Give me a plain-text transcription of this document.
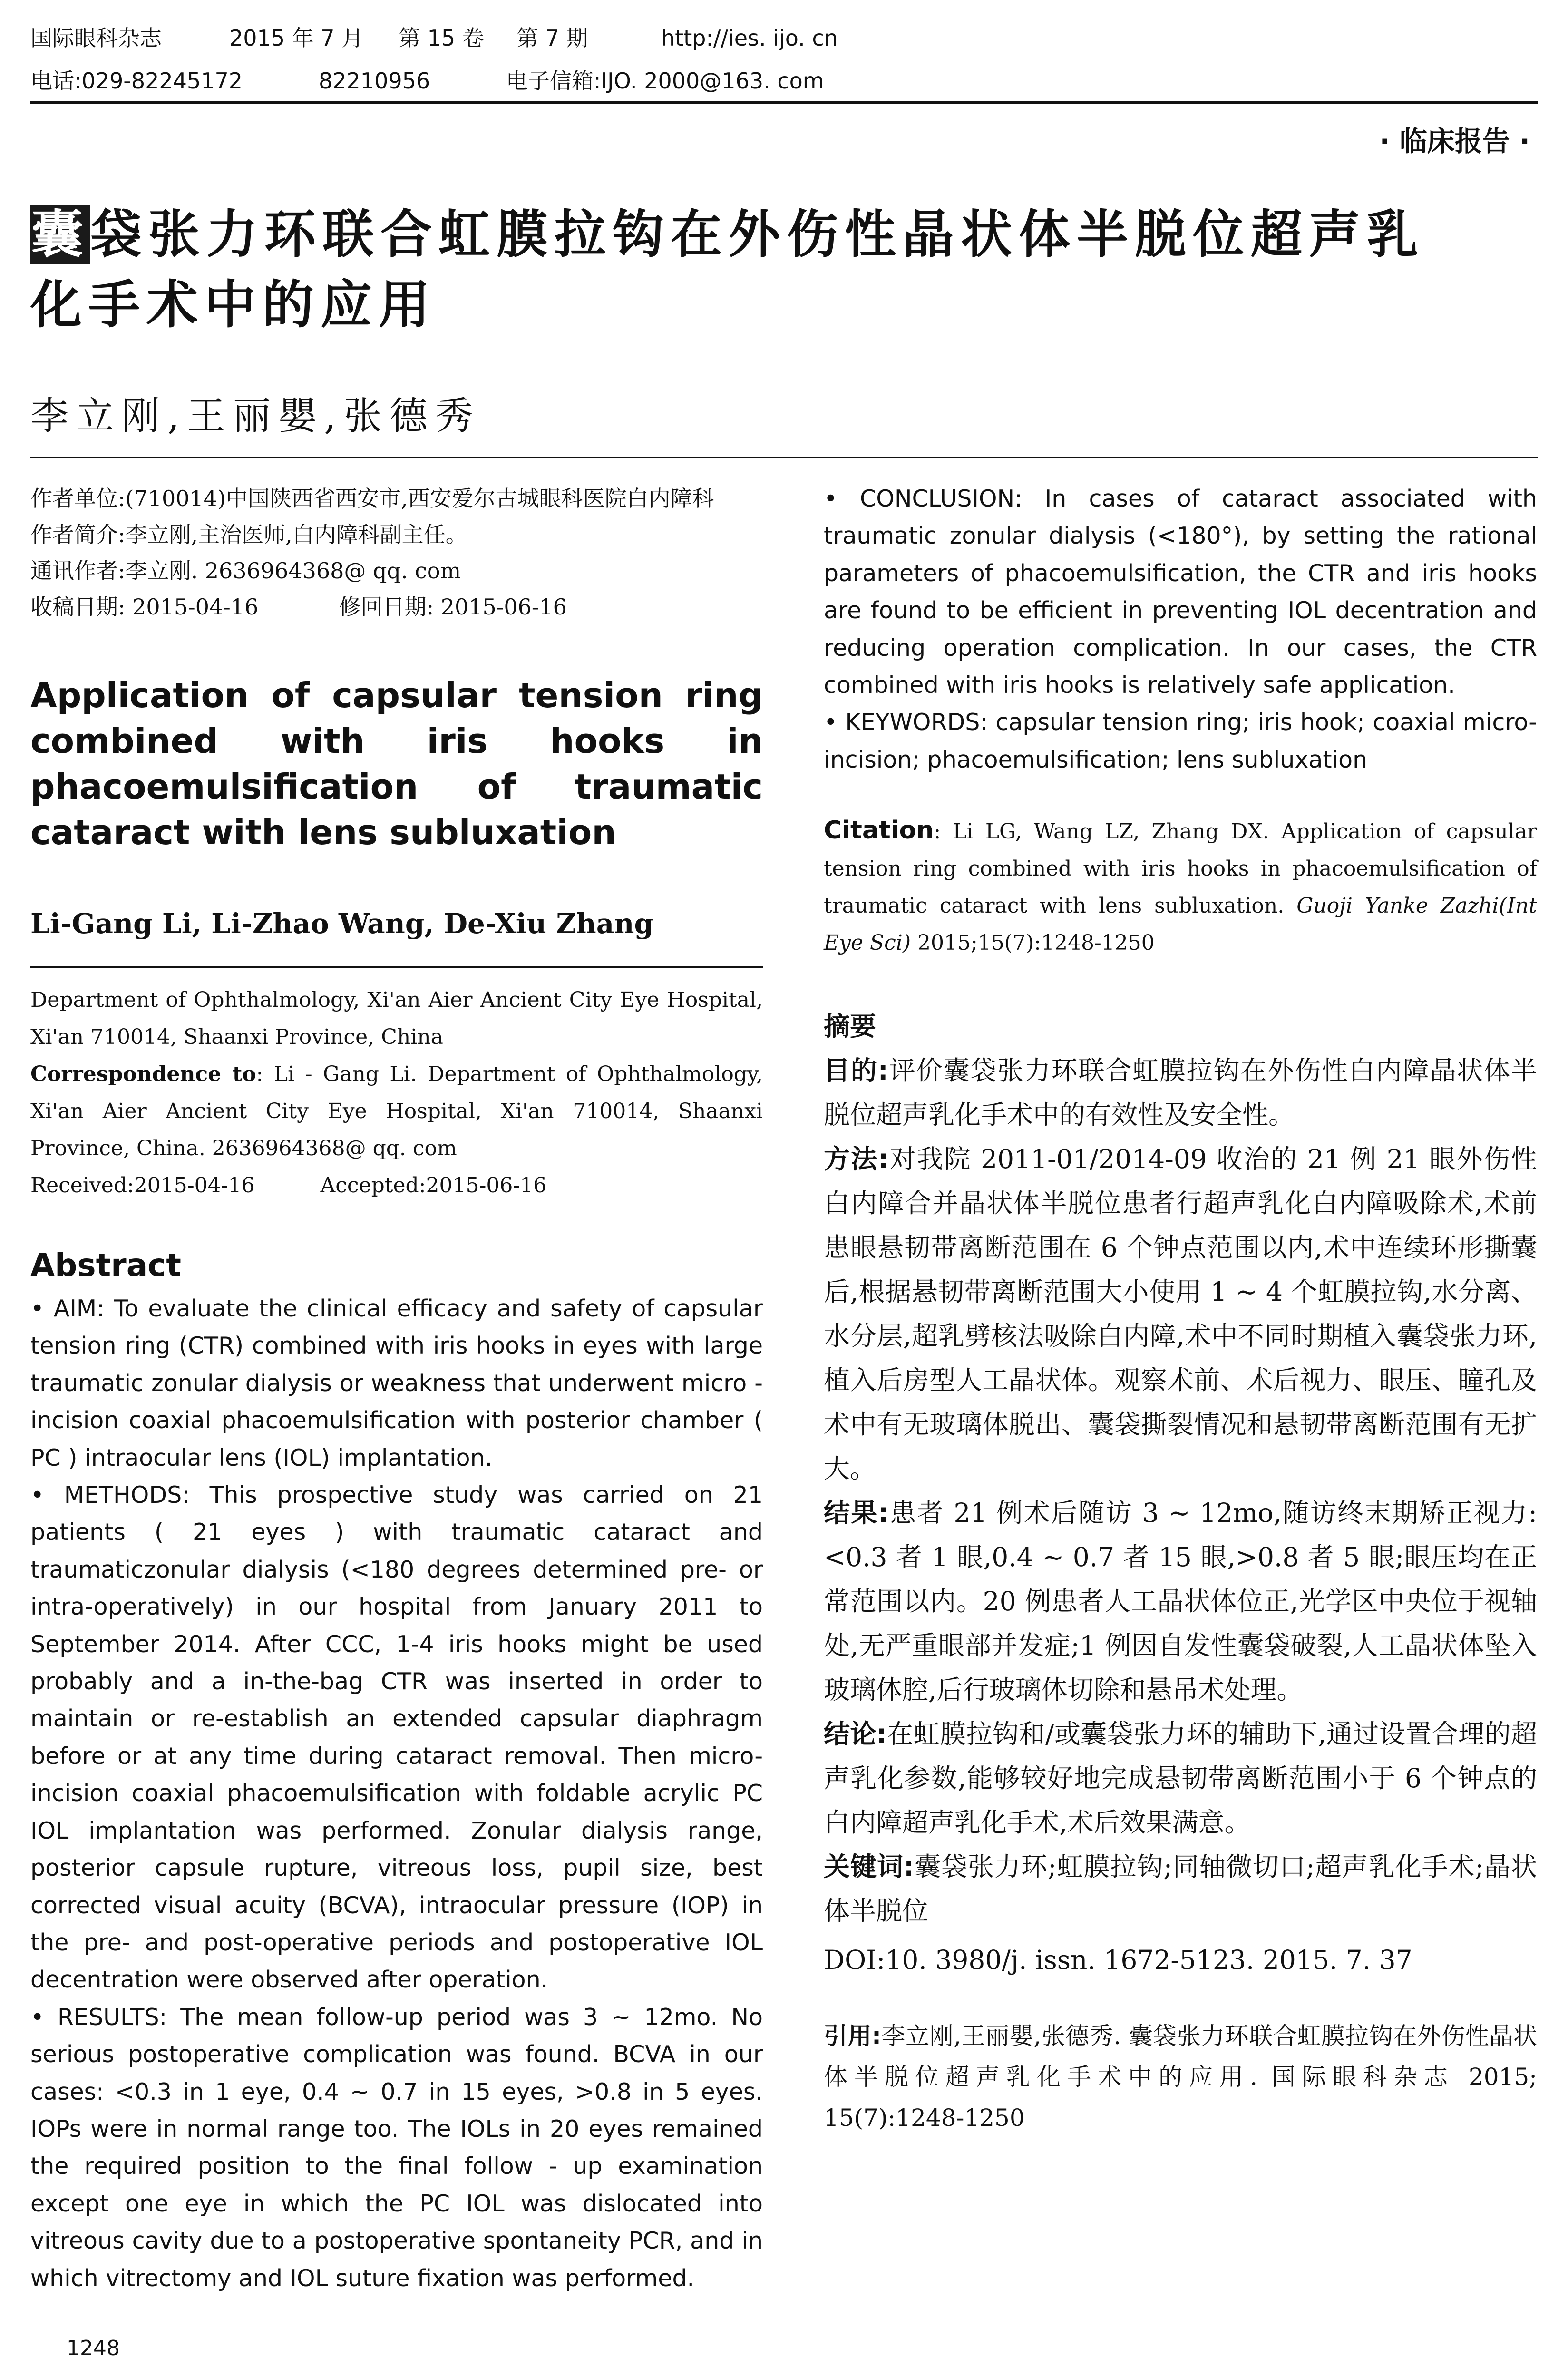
国际眼科杂志	2015 年 7 月 第 15 卷 第 7 期	http://ies. ijo. cn
电话:029-82245172	82210956	电子信箱:IJO. 2000@163. com
· 临床报告 ·
囊袋张力环联合虹膜拉钩在外伤性晶状体半脱位超声乳
化手术中的应用
李立刚,王丽嬰,张德秀
作者单位:(710014)中国陕西省西安市,西安爱尔古城眼科医院白内障科
作者简介:李立刚,主治医师,白内障科副主任。
通讯作者:李立刚. 2636964368@ qq. com
收稿日期: 2015-04-16	修回日期: 2015-06-16
Application of capsular tension ring combined with iris hooks in phacoemulsification of traumatic cataract with lens subluxation
Li-Gang Li, Li-Zhao Wang, De-Xiu Zhang
Department of Ophthalmology, Xi'an Aier Ancient City Eye Hospital, Xi'an 710014, Shaanxi Province, China
Correspondence to: Li - Gang Li. Department of Ophthalmology, Xi'an Aier Ancient City Eye Hospital, Xi'an 710014, Shaanxi Province, China. 2636964368@ qq. com
Received:2015-04-16	Accepted:2015-06-16
Abstract

• AIM: To evaluate the clinical efficacy and safety of capsular tension ring (CTR) combined with iris hooks in eyes with large traumatic zonular dialysis or weakness that underwent micro - incision coaxial phacoemulsification with posterior chamber ( PC ) intraocular lens (IOL) implantation.

• METHODS: This prospective study was carried on 21 patients ( 21 eyes ) with traumatic cataract and traumaticzonular dialysis (<180 degrees determined pre- or intra-operatively) in our hospital from January 2011 to September 2014. After CCC, 1-4 iris hooks might be used probably and a in-the-bag CTR was inserted in order to maintain or re-establish an extended capsular diaphragm before or at any time during cataract removal. Then micro-incision coaxial phacoemulsification with foldable acrylic PC IOL implantation was performed. Zonular dialysis range, posterior capsule rupture, vitreous loss, pupil size, best corrected visual acuity (BCVA), intraocular pressure (IOP) in the pre- and post-operative periods and postoperative IOL decentration were observed after operation.

• RESULTS: The mean follow-up period was 3 ~ 12mo. No serious postoperative complication was found. BCVA in our cases: <0.3 in 1 eye, 0.4 ~ 0.7 in 15 eyes, >0.8 in 5 eyes. IOPs were in normal range too. The IOLs in 20 eyes remained the required position to the final follow - up examination except one eye in which the PC IOL was dislocated into vitreous cavity due to a postoperative spontaneity PCR, and in which vitrectomy and IOL suture fixation was performed.

• CONCLUSION: In cases of cataract associated with traumatic zonular dialysis (<180°), by setting the rational parameters of phacoemulsification, the CTR and iris hooks are found to be efficient in preventing IOL decentration and reducing operation complication. In our cases, the CTR combined with iris hooks is relatively safe application.

• KEYWORDS: capsular tension ring; iris hook; coaxial micro-incision; phacoemulsification; lens subluxation

Citation: Li LG, Wang LZ, Zhang DX. Application of capsular tension ring combined with iris hooks in phacoemulsification of traumatic cataract with lens subluxation. Guoji Yanke Zazhi(Int Eye Sci) 2015;15(7):1248-1250

摘要

目的:评价囊袋张力环联合虹膜拉钩在外伤性白内障晶状体半脱位超声乳化手术中的有效性及安全性。

方法:对我院 2011-01/2014-09 收治的 21 例 21 眼外伤性白内障合并晶状体半脱位患者行超声乳化白内障吸除术,术前患眼悬韧带离断范围在 6 个钟点范围以内,术中连续环形撕囊后,根据悬韧带离断范围大小使用 1 ~ 4 个虹膜拉钩,水分离、水分层,超乳劈核法吸除白内障,术中不同时期植入囊袋张力环,植入后房型人工晶状体。观察术前、术后视力、眼压、瞳孔及术中有无玻璃体脱出、囊袋撕裂情况和悬韧带离断范围有无扩大。

结果:患者 21 例术后随访 3 ~ 12mo,随访终末期矫正视力:<0.3 者 1 眼,0.4 ~ 0.7 者 15 眼,>0.8 者 5 眼;眼压均在正常范围以内。20 例患者人工晶状体位正,光学区中央位于视轴处,无严重眼部并发症;1 例因自发性囊袋破裂,人工晶状体坠入玻璃体腔,后行玻璃体切除和悬吊术处理。

结论:在虹膜拉钩和/或囊袋张力环的辅助下,通过设置合理的超声乳化参数,能够较好地完成悬韧带离断范围小于 6 个钟点的白内障超声乳化手术,术后效果满意。

关键词:囊袋张力环;虹膜拉钩;同轴微切口;超声乳化手术;晶状体半脱位

DOI:10. 3980/j. issn. 1672-5123. 2015. 7. 37

引用:李立刚,王丽嬰,张德秀. 囊袋张力环联合虹膜拉钩在外伤性晶状体半脱位超声乳化手术中的应用. 国际眼科杂志 2015; 15(7):1248-1250
1248
